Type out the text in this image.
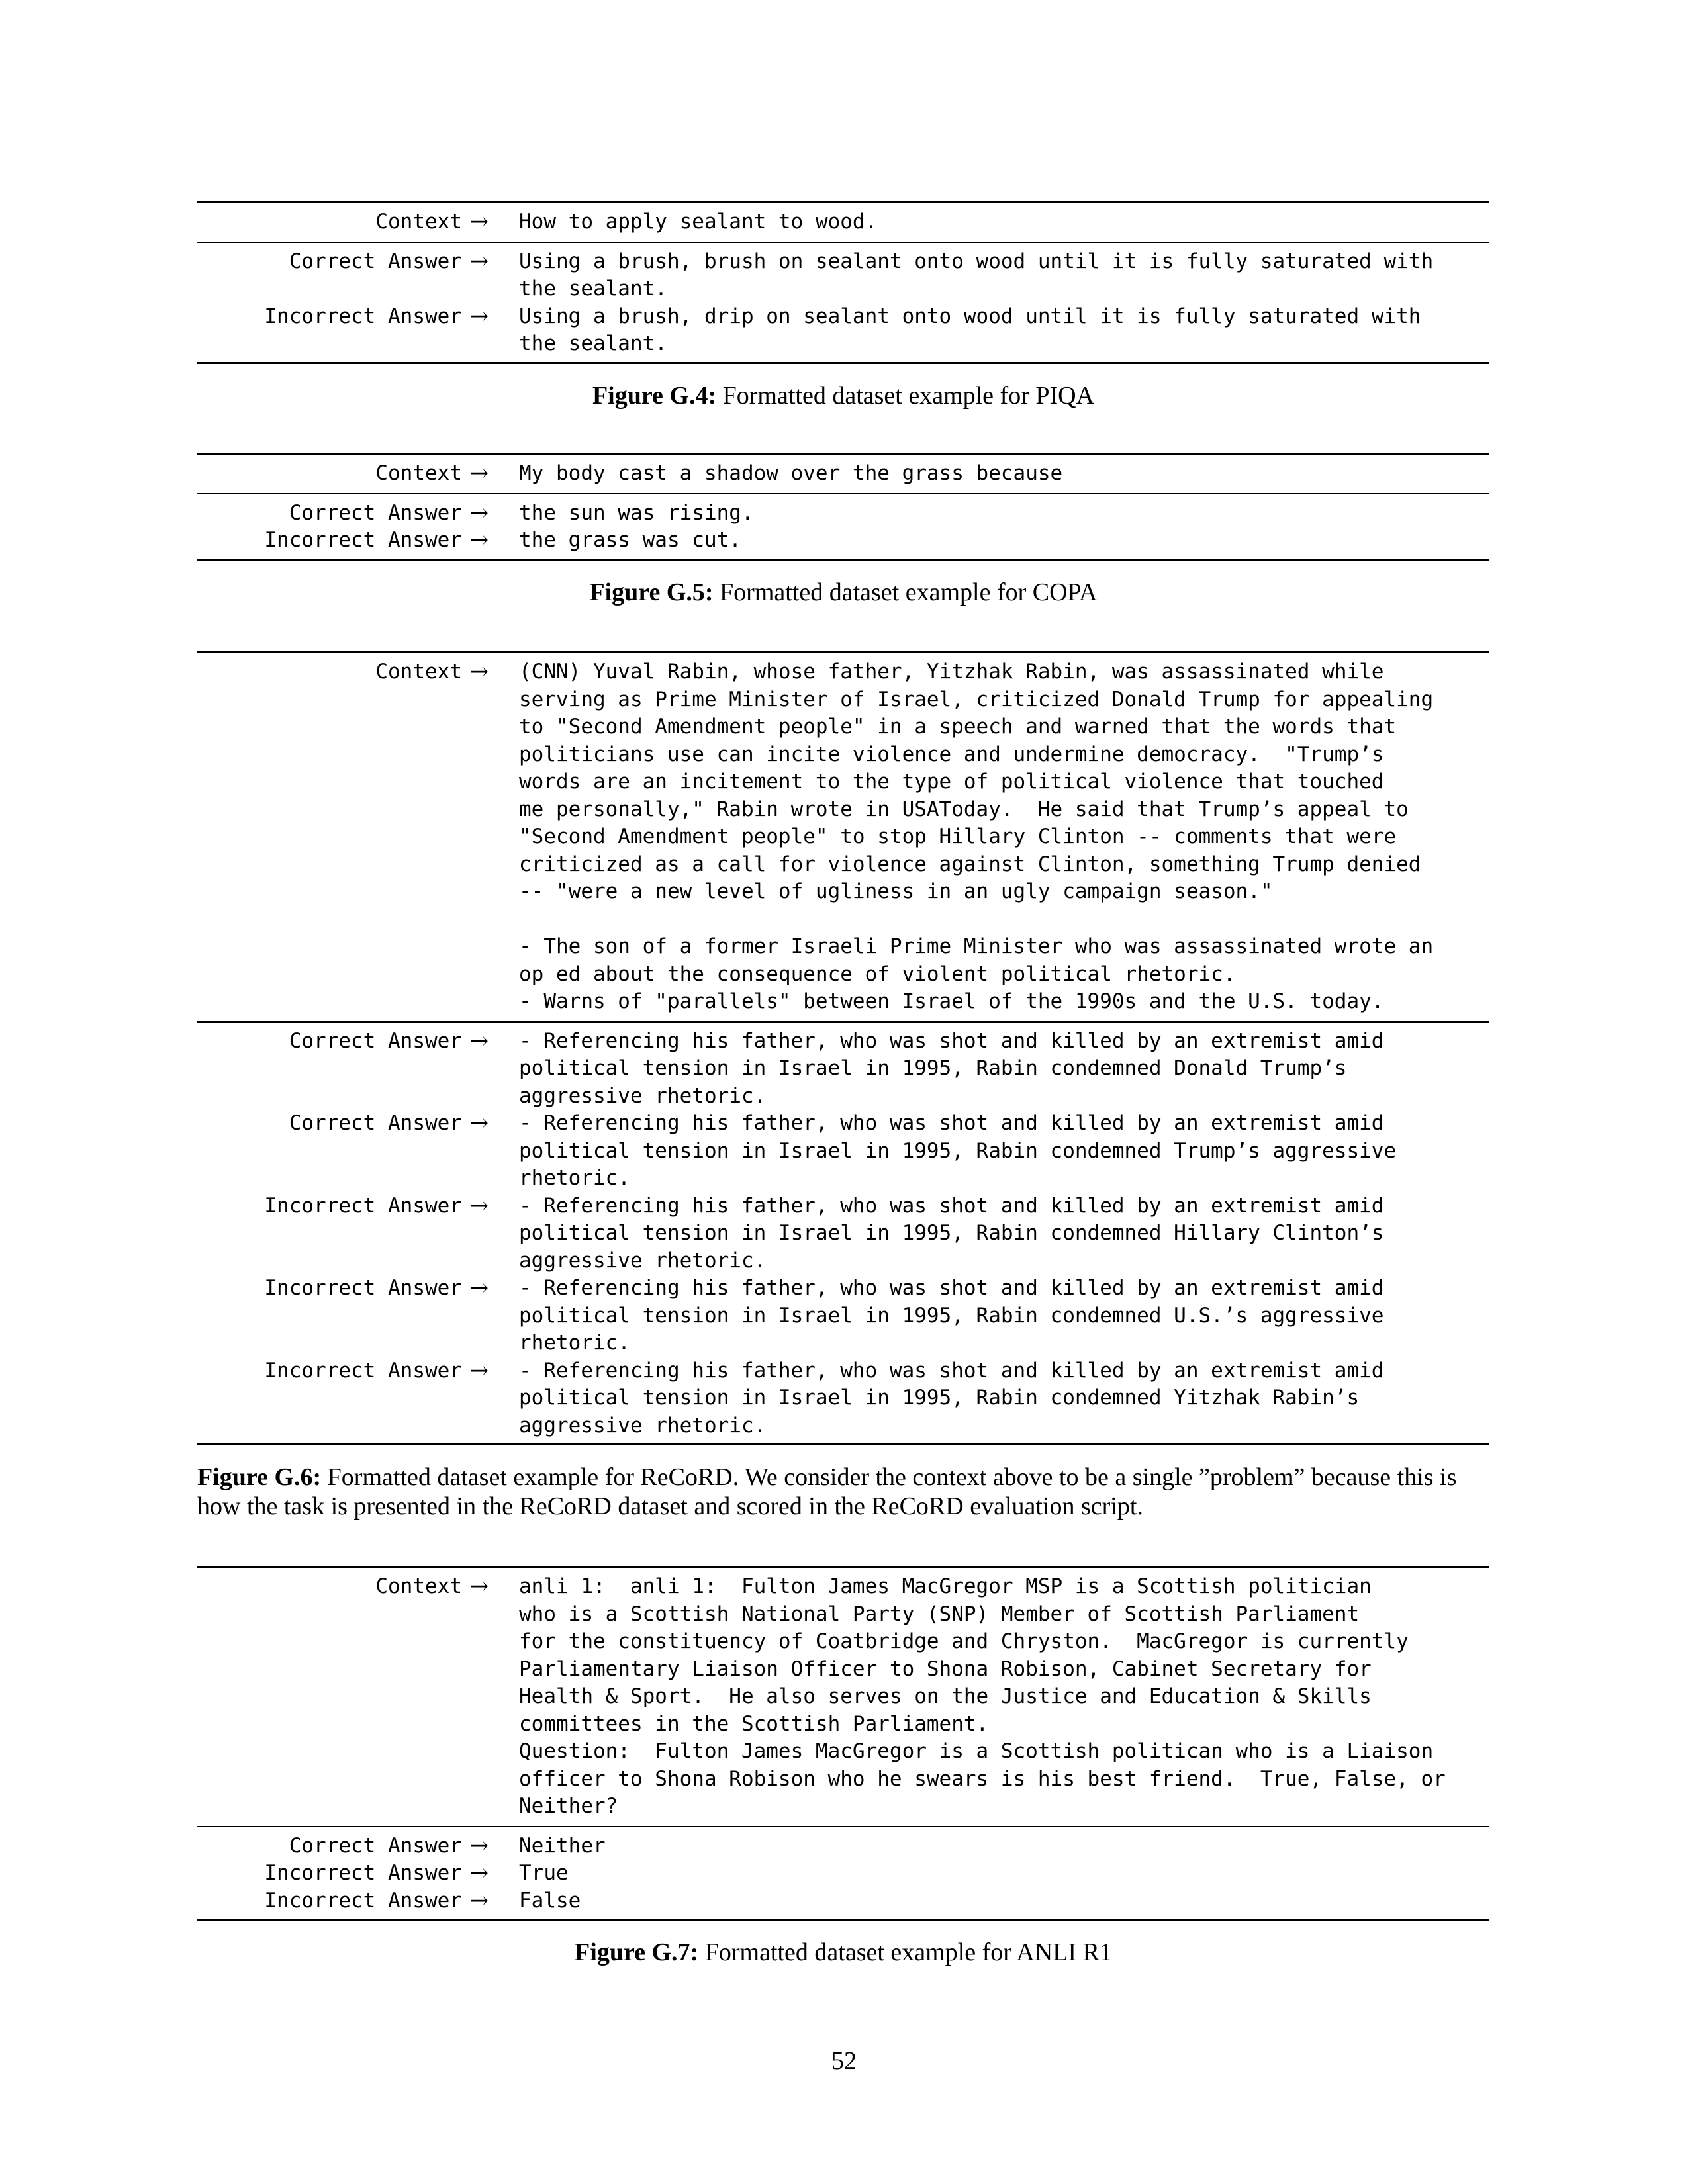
Context → How to apply sealant to wood.
Correct Answer → Using a brush, brush on sealant onto wood until it is fully saturated with
the sealant.
Incorrect Answer → Using a brush, drip on sealant onto wood until it is fully saturated with
the sealant.
Figure G.4: Formatted dataset example for PIQA
Context → My body cast a shadow over the grass because
Correct Answer → the sun was rising.
Incorrect Answer → the grass was cut.
Figure G.5: Formatted dataset example for COPA
Context → (CNN) Yuval Rabin, whose father, Yitzhak Rabin, was assassinated while
serving as Prime Minister of Israel, criticized Donald Trump for appealing
to "Second Amendment people" in a speech and warned that the words that
politicians use can incite violence and undermine democracy.  "Trump’s
words are an incitement to the type of political violence that touched
me personally," Rabin wrote in USAToday.  He said that Trump’s appeal to
"Second Amendment people" to stop Hillary Clinton -- comments that were
criticized as a call for violence against Clinton, something Trump denied
-- "were a new level of ugliness in an ugly campaign season."

- The son of a former Israeli Prime Minister who was assassinated wrote an
op ed about the consequence of violent political rhetoric.
- Warns of "parallels" between Israel of the 1990s and the U.S. today.
Correct Answer → - Referencing his father, who was shot and killed by an extremist amid
political tension in Israel in 1995, Rabin condemned Donald Trump’s
aggressive rhetoric.
Correct Answer → - Referencing his father, who was shot and killed by an extremist amid
political tension in Israel in 1995, Rabin condemned Trump’s aggressive
rhetoric.
Incorrect Answer → - Referencing his father, who was shot and killed by an extremist amid
political tension in Israel in 1995, Rabin condemned Hillary Clinton’s
aggressive rhetoric.
Incorrect Answer → - Referencing his father, who was shot and killed by an extremist amid
political tension in Israel in 1995, Rabin condemned U.S.’s aggressive
rhetoric.
Incorrect Answer → - Referencing his father, who was shot and killed by an extremist amid
political tension in Israel in 1995, Rabin condemned Yitzhak Rabin’s
aggressive rhetoric.
Figure G.6: Formatted dataset example for ReCoRD. We consider the context above to be a single ”problem” because this is how the task is presented in the ReCoRD dataset and scored in the ReCoRD evaluation script.
Context → anli 1:  anli 1:  Fulton James MacGregor MSP is a Scottish politician
who is a Scottish National Party (SNP) Member of Scottish Parliament
for the constituency of Coatbridge and Chryston.  MacGregor is currently
Parliamentary Liaison Officer to Shona Robison, Cabinet Secretary for
Health & Sport.  He also serves on the Justice and Education & Skills
committees in the Scottish Parliament.
Question:  Fulton James MacGregor is a Scottish politican who is a Liaison
officer to Shona Robison who he swears is his best friend.  True, False, or
Neither?
Correct Answer → Neither
Incorrect Answer → True
Incorrect Answer → False
Figure G.7: Formatted dataset example for ANLI R1
52
